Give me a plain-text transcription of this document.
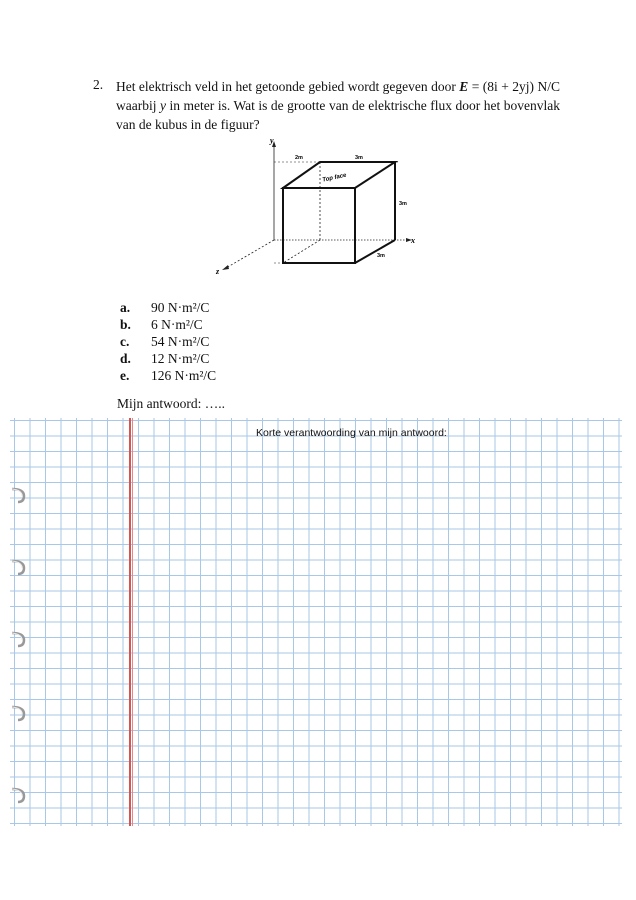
2. Het elektrisch veld in het getoonde gebied wordt gegeven door E = (8i + 2yj) N/C waarbij y in meter is. Wat is de grootte van de elektrische flux door het bovenvlak van de kubus in de figuur?
y
x
z
2m	3m
3m
3m
Top face
a.	90 N·m²/C
b.	6 N·m²/C
c.	54 N·m²/C
d.	12 N·m²/C
e.	126 N·m²/C
Mijn antwoord: …..
Korte verantwoording van mijn antwoord:
